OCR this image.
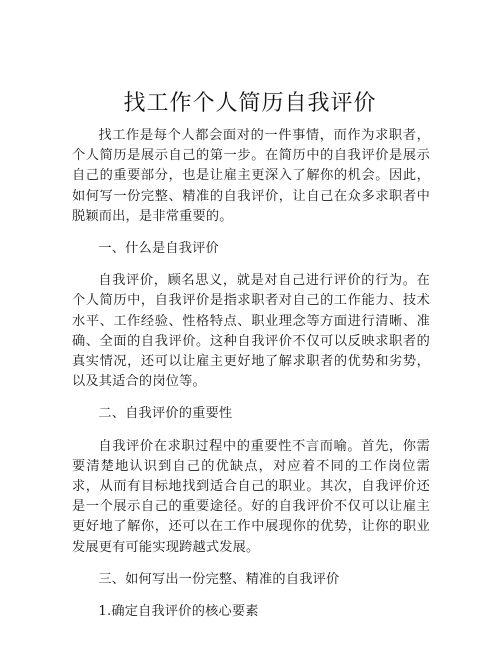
找工作个人简历自我评价

找工作是每个人都会面对的一件事情，而作为求职者，个人简历是展示自己的第一步。在简历中的自我评价是展示自己的重要部分，也是让雇主更深入了解你的机会。因此，如何写一份完整、精准的自我评价，让自己在众多求职者中脱颖而出，是非常重要的。

一、什么是自我评价

自我评价，顾名思义，就是对自己进行评价的行为。在个人简历中，自我评价是指求职者对自己的工作能力、技术水平、工作经验、性格特点、职业理念等方面进行清晰、准确、全面的自我评价。这种自我评价不仅可以反映求职者的真实情况，还可以让雇主更好地了解求职者的优势和劣势，以及其适合的岗位等。

二、自我评价的重要性

自我评价在求职过程中的重要性不言而喻。首先，你需要清楚地认识到自己的优缺点，对应着不同的工作岗位需求，从而有目标地找到适合自己的职业。其次，自我评价还是一个展示自己的重要途径。好的自我评价不仅可以让雇主更好地了解你，还可以在工作中展现你的优势，让你的职业发展更有可能实现跨越式发展。

三、如何写出一份完整、精准的自我评价

1.确定自我评价的核心要素
